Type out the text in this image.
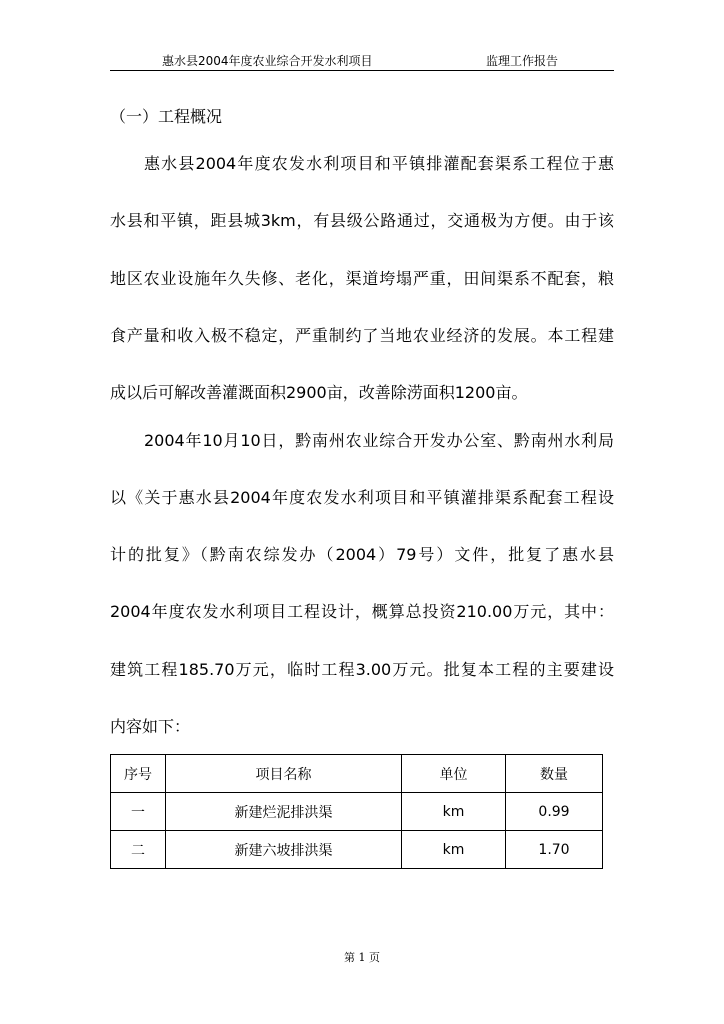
惠水县2004年度农业综合开发水利项目	监理工作报告
（一）工程概况
惠水县2004年度农发水利项目和平镇排灌配套渠系工程位于惠
水县和平镇，距县城3km，有县级公路通过，交通极为方便。由于该
地区农业设施年久失修、老化，渠道垮塌严重，田间渠系不配套，粮
食产量和收入极不稳定，严重制约了当地农业经济的发展。本工程建
成以后可解改善灌溉面积2900亩，改善除涝面积1200亩。
2004年10月10日，黔南州农业综合开发办公室、黔南州水利局
以《关于惠水县2004年度农发水利项目和平镇灌排渠系配套工程设
计的批复》（黔南农综发办（2004）79号）文件，批复了惠水县
2004年度农发水利项目工程设计，概算总投资210.00万元，其中：
建筑工程185.70万元，临时工程3.00万元。批复本工程的主要建设
内容如下：
序号	项目名称	单位	数量
一	新建烂泥排洪渠	km	0.99
二	新建六坡排洪渠	km	1.70
第 1 页
